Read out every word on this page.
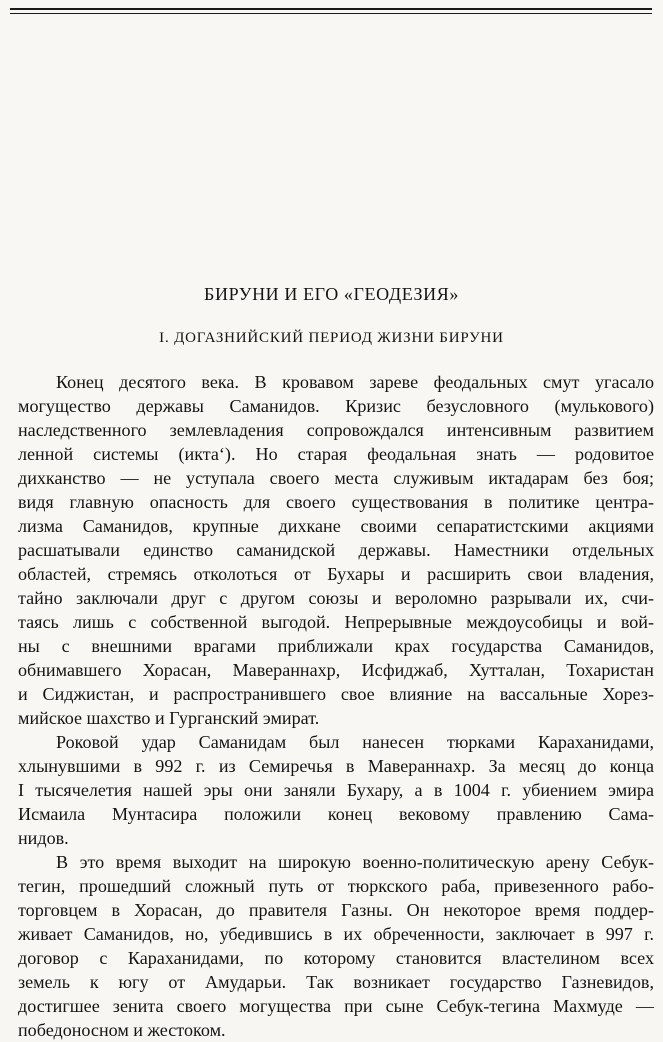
БИРУНИ И ЕГО «ГЕОДЕЗИЯ»
I. ДОГАЗНИЙСКИЙ ПЕРИОД ЖИЗНИ БИРУНИ
Конец десятого века. В кровавом зареве феодальных смут угасало
могущество державы Саманидов. Кризис безусловного (мулькового)
наследственного землевладения сопровождался интенсивным развитием
ленной системы (икта‘). Но старая феодальная знать — родовитое
дихканство — не уступала своего места служивым иктадарам без боя;
видя главную опасность для своего существования в политике центра-
лизма Саманидов, крупные дихкане своими сепаратистскими акциями
расшатывали единство саманидской державы. Наместники отдельных
областей, стремясь отколоться от Бухары и расширить свои владения,
тайно заключали друг с другом союзы и вероломно разрывали их, счи-
таясь лишь с собственной выгодой. Непрерывные междоусобицы и вой-
ны с внешними врагами приближали крах государства Саманидов,
обнимавшего Хорасан, Мавераннахр, Исфиджаб, Хутталан, Тохаристан
и Сиджистан, и распространившего свое влияние на вассальные Хорез-
мийское шахство и Гурганский эмират.
Роковой удар Саманидам был нанесен тюрками Караханидами,
хлынувшими в 992 г. из Семиречья в Мавераннахр. За месяц до конца
I тысячелетия нашей эры они заняли Бухару, а в 1004 г. убиением эмира
Исмаила Мунтасира положили конец вековому правлению Сама-
нидов.
В это время выходит на широкую военно-политическую арену Себук-
тегин, прошедший сложный путь от тюркского раба, привезенного рабо-
торговцем в Хорасан, до правителя Газны. Он некоторое время поддер-
живает Саманидов, но, убедившись в их обреченности, заключает в 997 г.
договор с Караханидами, по которому становится властелином всех
земель к югу от Амударьи. Так возникает государство Газневидов,
достигшее зенита своего могущества при сыне Себук-тегина Махмуде —
победоносном и жестоком.
